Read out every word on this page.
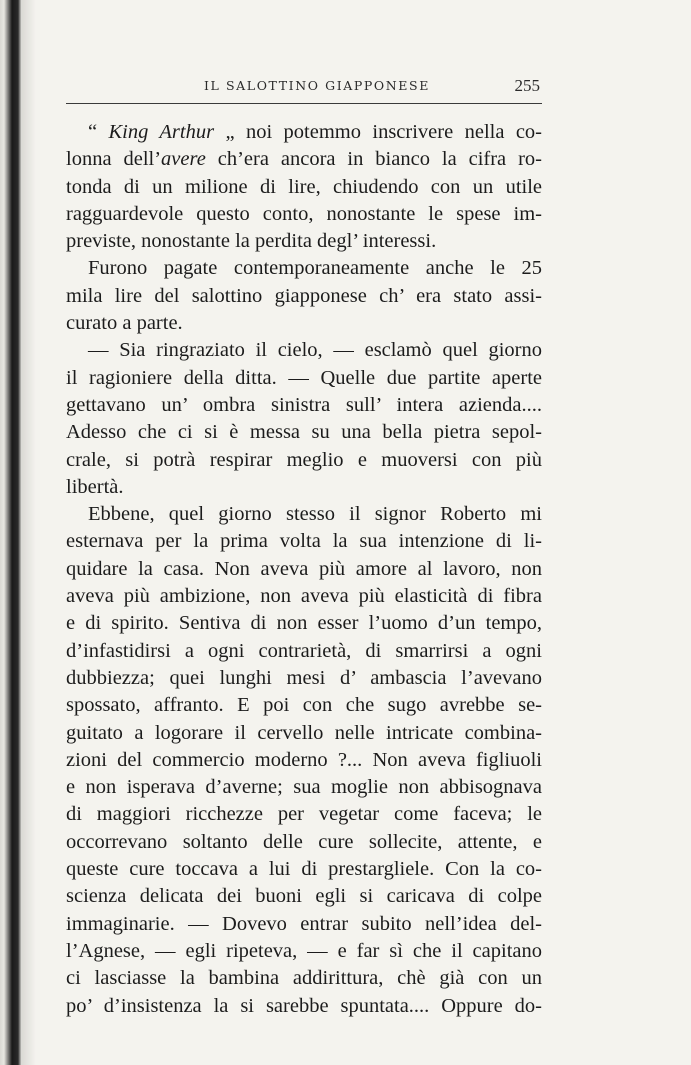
IL SALOTTINO GIAPPONESE	255
“ King Arthur „ noi potemmo inscrivere nella co-
lonna dell’avere ch’era ancora in bianco la cifra ro-
tonda di un milione di lire, chiudendo con un utile
ragguardevole questo conto, nonostante le spese im-
previste, nonostante la perdita degl’ interessi.
Furono pagate contemporaneamente anche le 25
mila lire del salottino giapponese ch’ era stato assi-
curato a parte.
— Sia ringraziato il cielo, — esclamò quel giorno
il ragioniere della ditta. — Quelle due partite aperte
gettavano un’ ombra sinistra sull’ intera azienda....
Adesso che ci si è messa su una bella pietra sepol-
crale, si potrà respirar meglio e muoversi con più
libertà.
Ebbene, quel giorno stesso il signor Roberto mi
esternava per la prima volta la sua intenzione di li-
quidare la casa. Non aveva più amore al lavoro, non
aveva più ambizione, non aveva più elasticità di fibra
e di spirito. Sentiva di non esser l’uomo d’un tempo,
d’infastidirsi a ogni contrarietà, di smarrirsi a ogni
dubbiezza; quei lunghi mesi d’ ambascia l’avevano
spossato, affranto. E poi con che sugo avrebbe se-
guitato a logorare il cervello nelle intricate combina-
zioni del commercio moderno ?... Non aveva figliuoli
e non isperava d’averne; sua moglie non abbisognava
di maggiori ricchezze per vegetar come faceva; le
occorrevano soltanto delle cure sollecite, attente, e
queste cure toccava a lui di prestargliele. Con la co-
scienza delicata dei buoni egli si caricava di colpe
immaginarie. — Dovevo entrar subito nell’idea del-
l’Agnese, — egli ripeteva, — e far sì che il capitano
ci lasciasse la bambina addirittura, chè già con un
po’ d’insistenza la si sarebbe spuntata.... Oppure do-
